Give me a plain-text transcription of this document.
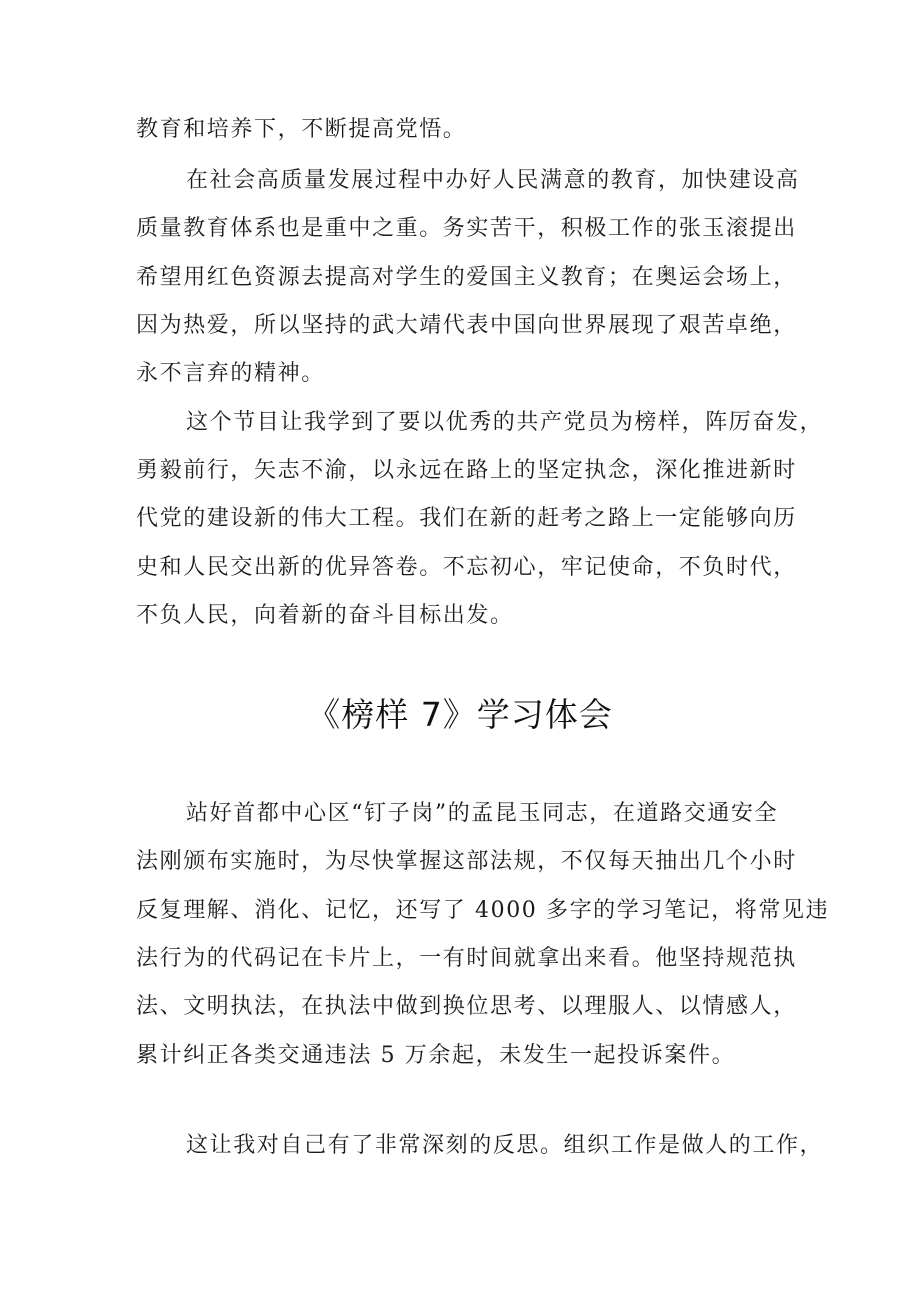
教育和培养下，不断提高党悟。
在社会高质量发展过程中办好人民满意的教育，加快建设高
质量教育体系也是重中之重。务实苦干，积极工作的张玉滚提出
希望用红色资源去提高对学生的爱国主义教育；在奥运会场上，
因为热爱，所以坚持的武大靖代表中国向世界展现了艰苦卓绝，
永不言弃的精神。
这个节目让我学到了要以优秀的共产党员为榜样，阵厉奋发，
勇毅前行，矢志不渝，以永远在路上的坚定执念，深化推进新时
代党的建设新的伟大工程。我们在新的赶考之路上一定能够向历
史和人民交出新的优异答卷。不忘初心，牢记使命，不负时代，
不负人民，向着新的奋斗目标出发。
《榜样 7》学习体会
站好首都中心区“钉子岗”的孟昆玉同志，在道路交通安全
法刚颁布实施时，为尽快掌握这部法规，不仅每天抽出几个小时
反复理解、消化、记忆，还写了 4000 多字的学习笔记，将常见违
法行为的代码记在卡片上，一有时间就拿出来看。他坚持规范执
法、文明执法，在执法中做到换位思考、以理服人、以情感人，
累计纠正各类交通违法 5 万余起，未发生一起投诉案件。
这让我对自己有了非常深刻的反思。组织工作是做人的工作，
